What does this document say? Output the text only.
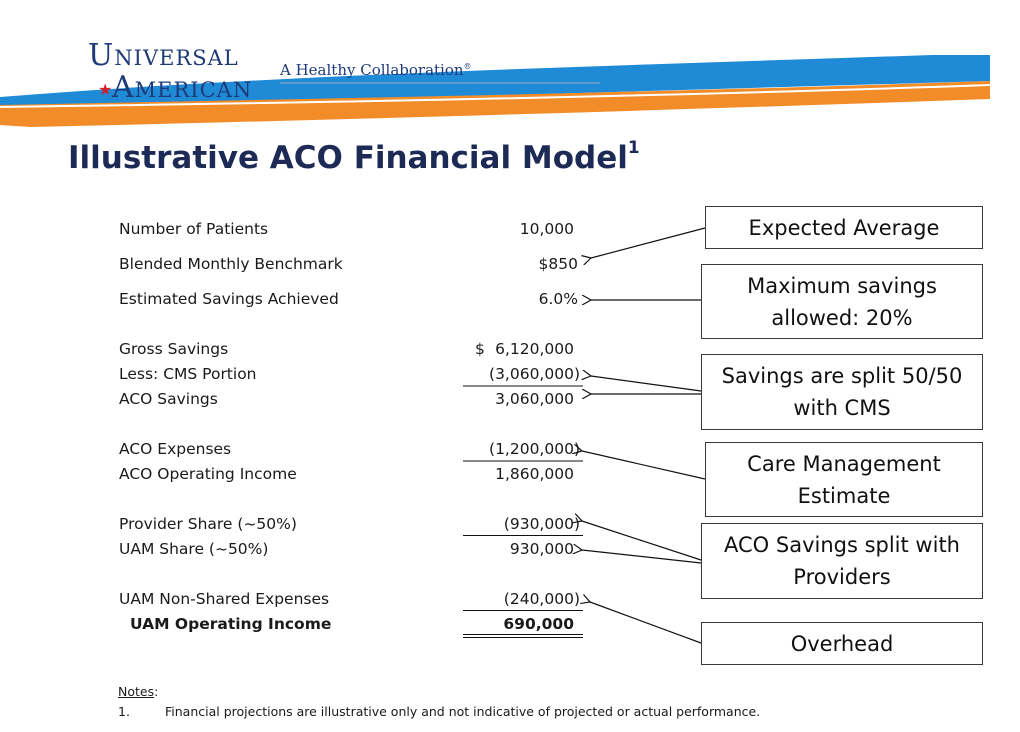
Universal
★
American A Healthy Collaboration®
Illustrative ACO Financial Model$^1$
Number of Patients	10,000
Blended Monthly Benchmark	$850
Estimated Savings Achieved	6.0%
Gross Savings	$ 6,120,000
Less: CMS Portion	(3,060,000)
ACO Savings	3,060,000
ACO Expenses	(1,200,000)
ACO Operating Income	1,860,000
Provider Share (~50%)	(930,000)
UAM Share (~50%)	930,000
UAM Non-Shared Expenses	(240,000)
UAM Operating Income	690,000
Expected Average
Maximum savings allowed: 20%
Savings are split 50/50 with CMS
Care Management Estimate
ACO Savings split with Providers
Overhead
Notes:
1.	Financial projections are illustrative only and not indicative of projected or actual performance.
